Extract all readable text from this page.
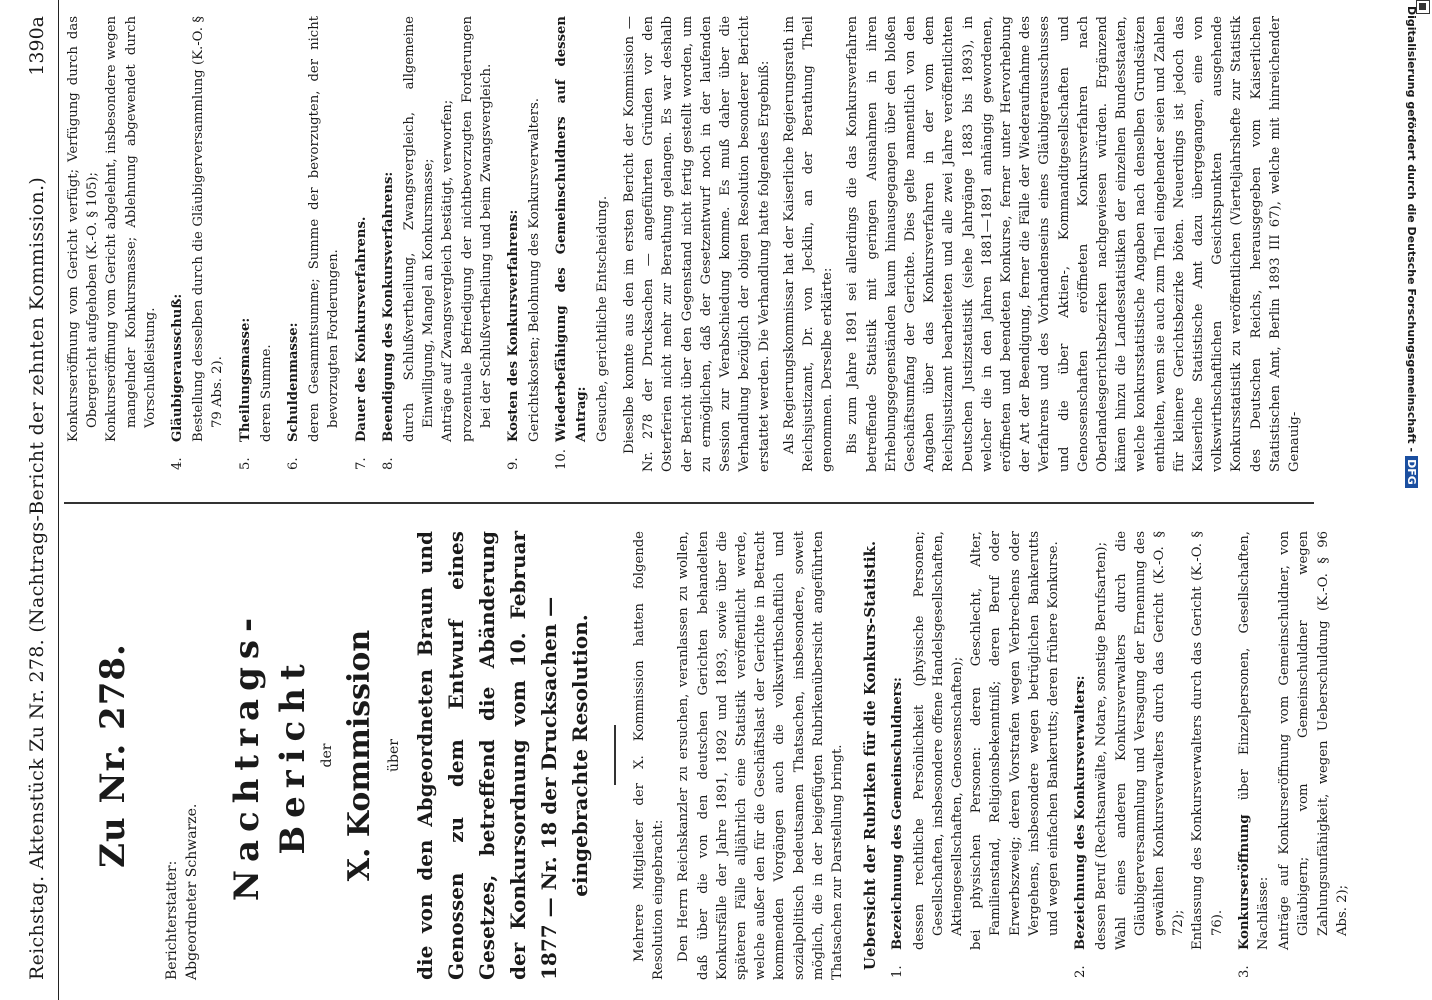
Reichstag. Aktenstück Zu Nr. 278. (Nachtrags-Bericht der zehnten Kommission.)
1390a
Zu Nr. 278.
Berichterstatter: Abgeordneter Schwarze. Nachtrags-Bericht der X. Kommission über die von den Abgeordneten Braun und Genossen zu dem Entwurf eines Gesetzes, betreffend die Abänderung der Konkursordnung vom 10. Februar 1877 — Nr. 18 der Drucksachen — eingebrachte Resolution.	Mehrere Mitglieder der X. Kommission hatten folgende Resolution eingebracht: Den Herrn Reichskanzler zu ersuchen, veranlassen zu wollen, daß über die von den deutschen Gerichten behandelten Konkursfälle der Jahre 1891, 1892 und 1893, sowie über die späteren Fälle alljährlich eine Statistik veröffentlicht werde, welche außer den für die Geschäftslast der Gerichte in Betracht kommenden Vorgängen auch die volkswirthschaftlich und sozialpolitisch bedeutsamen Thatsachen, insbesondere, soweit möglich, die in der beigefügten Rubrikenübersicht angeführten Thatsachen zur Darstellung bringt. Uebersicht der Rubriken für die Konkurs-Statistik.
1.
Bezeichnung des Gemeinschuldners: dessen rechtliche Persönlichkeit (physische Personen; Gesellschaften, insbesondere offene Handelsgesellschaften, Aktiengesellschaften, Genossenschaften); bei physischen Personen: deren Geschlecht, Alter, Familienstand, Religionsbekenntniß; deren Beruf oder Erwerbszweig; deren Vorstrafen wegen Verbrechens oder Vergehens, insbesondere wegen betrüglichen Bankerutts und wegen einfachen Bankerutts; deren frühere Konkurse.

2.
Bezeichnung des Konkursverwalters: dessen Beruf (Rechtsanwälte, Notare, sonstige Berufsarten); Wahl eines anderen Konkursverwalters durch die Gläubigerversammlung und Versagung der Ernennung des gewählten Konkursverwalters durch das Gericht (K.-O. § 72); Entlassung des Konkursverwalters durch das Gericht (K.-O. § 76).

3.
Konkurseröffnung über Einzelpersonen, Gesellschaften, Nachlässe: Anträge auf Konkurseröffnung vom Gemeinschuldner, von Gläubigern; vom Gemeinschuldner wegen Zahlungsunfähigkeit, wegen Ueberschuldung (K.-O. § 96 Abs. 2);

Konkurseröffnung vom Gericht verfügt; Verfügung durch das Obergericht aufgehoben (K.-O. § 105); Konkurseröffnung vom Gericht abgelehnt, insbesondere wegen mangelnder Konkursmasse; Ablehnung abgewendet durch Vorschußleistung.

4.
Gläubigerausschuß: Bestellung desselben durch die Gläubigerversammlung (K.-O. § 79 Abs. 2).

5.
Theilungsmasse: deren Summe.

6.
Schuldenmasse: deren Gesammtsumme; Summe der bevorzugten, der nicht bevorzugten Forderungen.

7.
Dauer des Konkursverfahrens.
8.
Beendigung des Konkursverfahrens: durch Schlußvertheilung, Zwangsvergleich, allgemeine Einwilligung, Mangel an Konkursmasse; Anträge auf Zwangsvergleich bestätigt, verworfen; prozentuale Befriedigung der nichtbevorzugten Forderungen bei der Schlußvertheilung und beim Zwangsvergleich.

9.
Kosten des Konkursverfahrens: Gerichtskosten; Belohnung des Konkursverwalters.

10.
Wiederbefähigung des Gemeinschuldners auf dessen Antrag: Gesuche, gerichtliche Entscheidung. Dieselbe konnte aus den im ersten Bericht der Kommission — Nr. 278 der Drucksachen — angeführten Gründen vor den Osterferien nicht mehr zur Berathung gelangen. Es war deshalb der Bericht über den Gegenstand nicht fertig gestellt worden, um zu ermöglichen, daß der Gesetzentwurf noch in der laufenden Session zur Verabschiedung komme. Es muß daher über die Verhandlung bezüglich der obigen Resolution besonderer Bericht erstattet werden. Die Verhandlung hatte folgendes Ergebniß: Als Regierungskommissar hat der Kaiserliche Regierungsrath im Reichsjustizamt, Dr. von Jecklin, an der Berathung Theil genommen. Derselbe erklärte: Bis zum Jahre 1891 sei allerdings die das Konkursverfahren betreffende Statistik mit geringen Ausnahmen in ihren Erhebungsgegenständen kaum hinausgegangen über den bloßen Geschäftsumfang der Gerichte. Dies gelte namentlich von den Angaben über das Konkursverfahren in der vom dem Reichsjustizamt bearbeiteten und alle zwei Jahre veröffentlichten Deutschen Justizstatistik (siehe Jahrgänge 1883 bis 1893), in welcher die in den Jahren 1881—1891 anhängig gewordenen, eröffneten und beendeten Konkurse, ferner unter Hervorhebung der Art der Beendigung, ferner die Fälle der Wiederaufnahme des Verfahrens und des Vorhandenseins eines Gläubigerausschusses und die über Aktien-, Kommanditgesellschaften und Genossenschaften eröffneten Konkursverfahren nach Oberlandesgerichtsbezirken nachgewiesen würden. Ergänzend kämen hinzu die Landesstatistiken der einzelnen Bundesstaaten, welche konkursstatistische Angaben nach denselben Grundsätzen enthielten, wenn sie auch zum Theil eingehender seien und Zahlen für kleinere Gerichtsbezirke böten. Neuerdings ist jedoch das Kaiserliche Statistische Amt dazu übergegangen, eine von volkswirthschaftlichen Gesichtspunkten ausgehende Konkursstatistik zu veröffentlichen (Vierteljahrshefte zur Statistik des Deutschen Reichs, herausgegeben vom Kaiserlichen Statistischen Amt, Berlin 1893 III 67), welche mit hinreichender Genauig-	Digitalisierung gefördert durch die Deutsche Forschungsgemeinschaft -DFG
